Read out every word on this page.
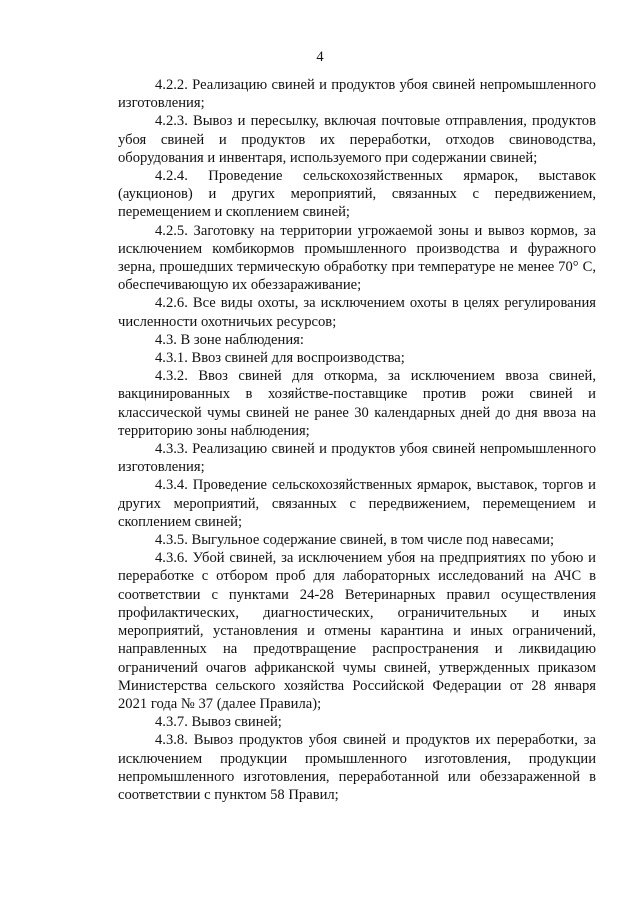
4

4.2.2. Реализацию свиней и продуктов убоя свиней непромышленного изготовления;

4.2.3. Вывоз и пересылку, включая почтовые отправления, продуктов убоя свиней и продуктов их переработки, отходов свиноводства, оборудования и инвентаря, используемого при содержании свиней;

4.2.4. Проведение сельскохозяйственных ярмарок, выставок (аукционов) и других мероприятий, связанных с передвижением, перемещением и скоплением свиней;

4.2.5. Заготовку на территории угрожаемой зоны и вывоз кормов, за исключением комбикормов промышленного производства и фуражного зерна, прошедших термическую обработку при температуре не менее 70° C, обеспечивающую их обеззараживание;

4.2.6. Все виды охоты, за исключением охоты в целях регулирования численности охотничьих ресурсов;

4.3. В зоне наблюдения:

4.3.1. Ввоз свиней для воспроизводства;

4.3.2. Ввоз свиней для откорма, за исключением ввоза свиней, вакцинированных в хозяйстве-поставщике против рожи свиней и классической чумы свиней не ранее 30 календарных дней до дня ввоза на территорию зоны наблюдения;

4.3.3. Реализацию свиней и продуктов убоя свиней непромышленного изготовления;

4.3.4. Проведение сельскохозяйственных ярмарок, выставок, торгов и других мероприятий, связанных с передвижением, перемещением и скоплением свиней;

4.3.5. Выгульное содержание свиней, в том числе под навесами;

4.3.6. Убой свиней, за исключением убоя на предприятиях по убою и переработке с отбором проб для лабораторных исследований на АЧС в соответствии с пунктами 24-28 Ветеринарных правил осуществления профилактических, диагностических, ограничительных и иных мероприятий, установления и отмены карантина и иных ограничений, направленных на предотвращение распространения и ликвидацию ограничений очагов африканской чумы свиней, утвержденных приказом Министерства сельского хозяйства Российской Федерации от 28 января 2021 года № 37 (далее Правила);

4.3.7. Вывоз свиней;

4.3.8. Вывоз продуктов убоя свиней и продуктов их переработки, за исключением продукции промышленного изготовления, продукции непромышленного изготовления, переработанной или обеззараженной в соответствии с пунктом 58 Правил;
